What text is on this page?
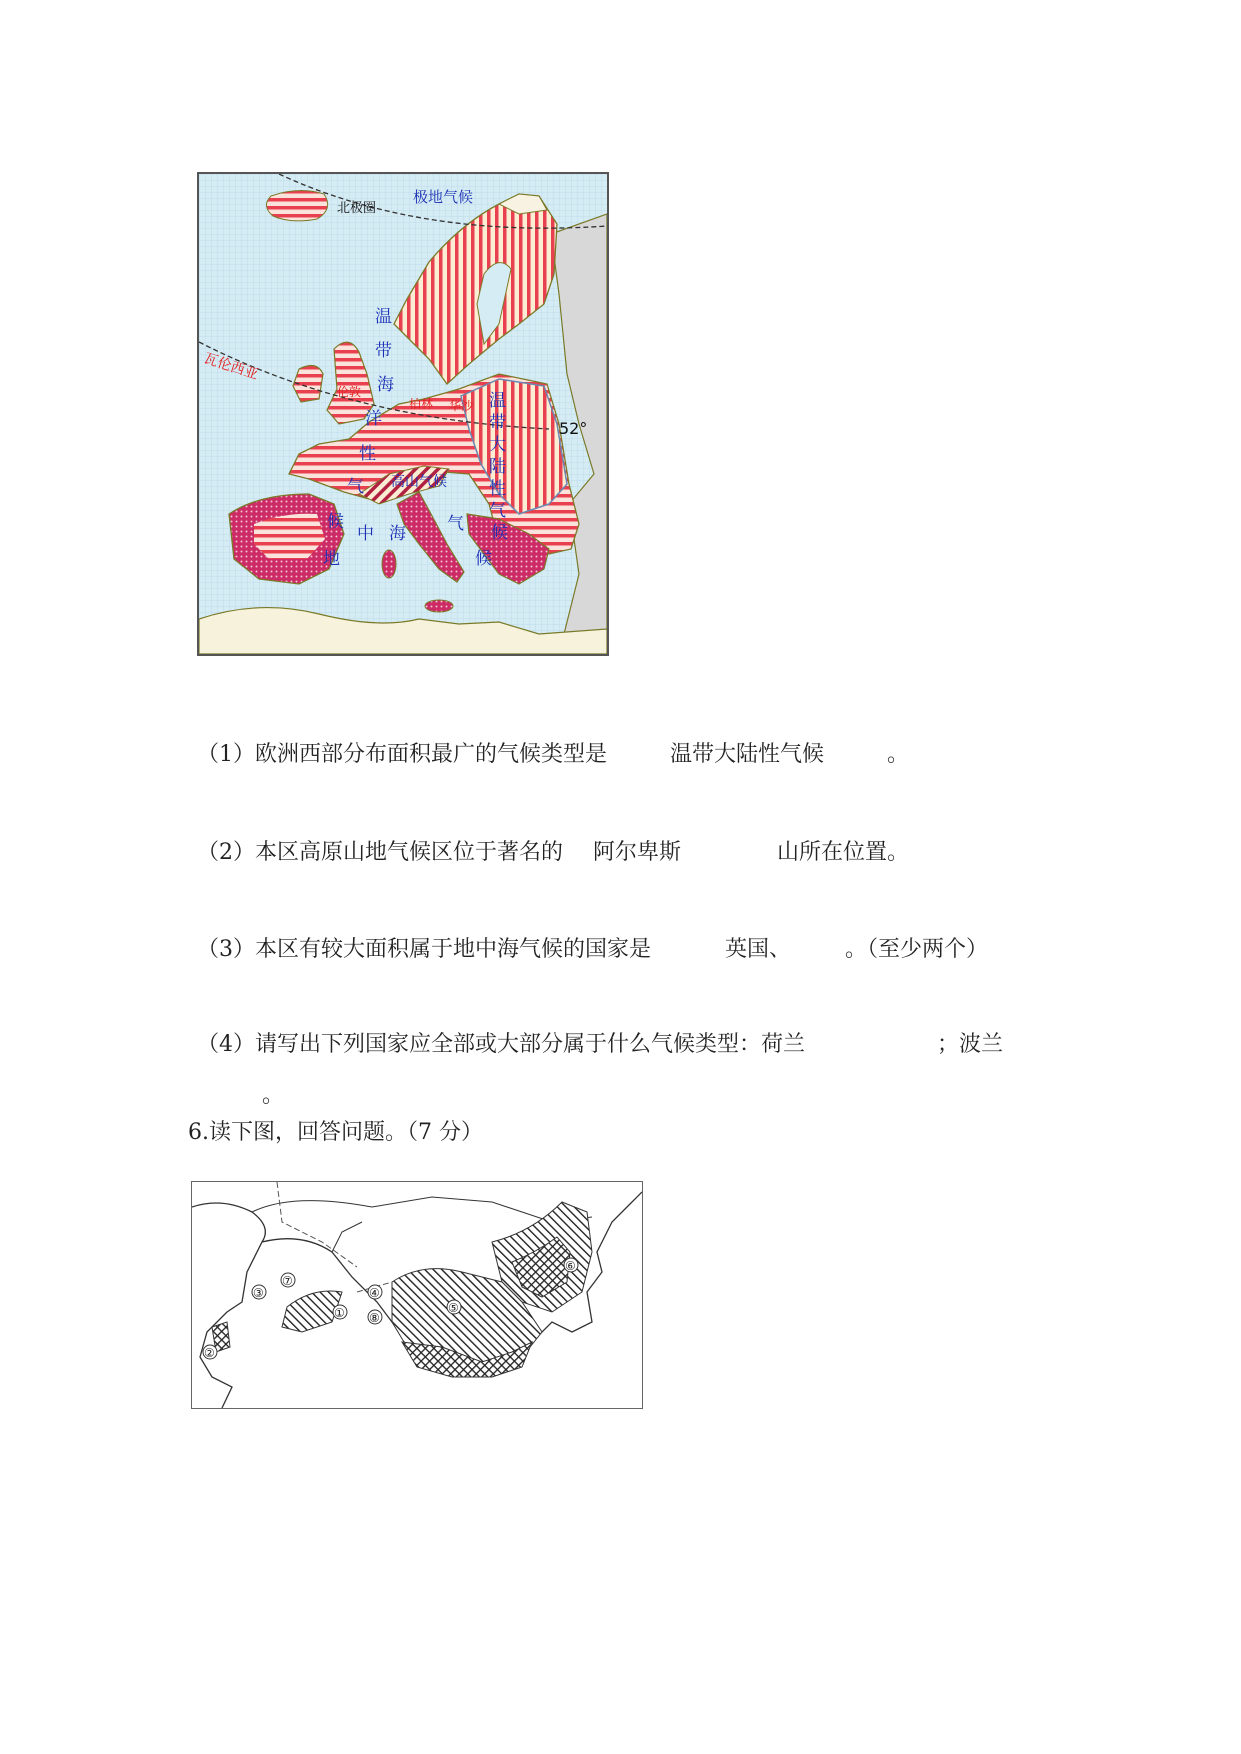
北极圈
极地气候
温
带
海
洋
性
气
候
温
带
大
陆
性
气
候
地
中 海 气
候
高山气候
52°
瓦伦西亚
伦敦
柏林 华沙
（1）欧洲西部分布面积最广的气候类型是	温带大陆性气候	。
（2）本区高原山地气候区位于著名的 阿尔卑斯	山所在位置。
（3）本区有较大面积属于地中海气候的国家是	英国、 。（至少两个）
（4）请写出下列国家应全部或大部分属于什么气候类型：荷兰	；波兰
。
6.读下图，回答问题。（7 分）
①
②
③	④
⑤
⑥
⑦
⑧
